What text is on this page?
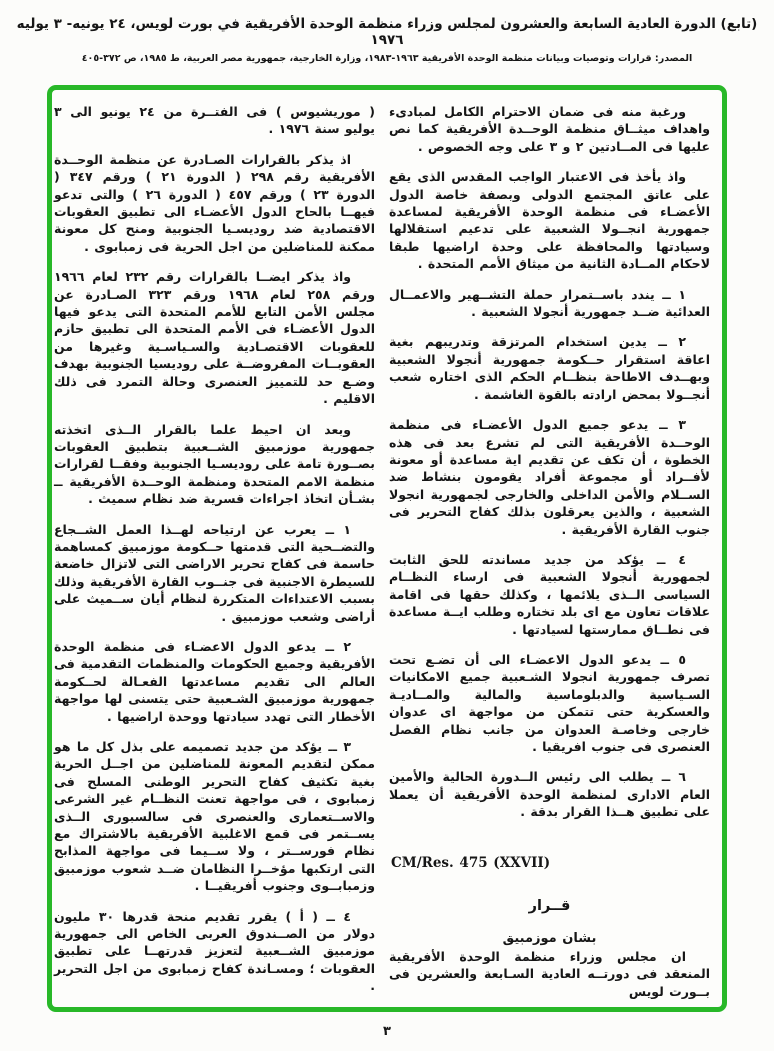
(تابع) الدورة العادية السابعة والعشرون لمجلس وزراء منظمة الوحدة الأفريقية في بورت لويس، ٢٤ يونيه- ٣ يوليه ١٩٧٦
المصدر: قرارات وتوصيات وبيانات منظمة الوحدة الأفريقية ١٩٦٣-١٩٨٣، وزارة الخارجية، جمهورية مصر العربية، ط ١٩٨٥، ص ٣٧٢-٤٠٥

ورغبة منه فى ضمان الاحترام الكامل لمبادىء واهداف ميثــاق منظمة الوحــدة الأفريقية كما نص عليها فى المــادتين ٢ و ٣ على وجه الخصوص .

واذ يأخذ فى الاعتبار الواجب المقدس الذى يقع على عاتق المجتمع الدولى وبصفة خاصة الدول الأعضـاء فى منظمة الوحدة الأفريقية لمساعدة جمهورية انجــولا الشعبية على تدعيم استقلالها وسيادتها والمحافظة على وحدة اراضيها طبقا لاحكام المــادة الثانية من ميثاق الأمم المتحدة .

١ ــ يندد باســتمرار حملة التشــهير والاعمــال العدائية ضــد جمهورية أنجولا الشعبية .

٢ ــ يدين استخدام المرتزقة وتدريبهم بغية اعاقة استقرار حــكومة جمهورية أنجولا الشعبية وبهــدف الاطاحة بنظــام الحكم الذى اختاره شعب أنجــولا بمحض ارادته بالقوة الغاشمة .

٣ ــ يدعو جميع الدول الأعضـاء فى منظمة الوحــدة الأفريقية التى لم تشرع بعد فى هذه الخطوة ، أن تكف عن تقديم اية مساعدة أو معونة لأفــراد أو مجموعة أفراد يقومون بنشاط ضد الســلام والأمن الداخلى والخارجى لجمهورية انجولا الشعبية ، والذين يعرقلون بذلك كفاح التحرير فى جنوب القارة الأفريقية .

٤ ــ يؤكد من جديد مساندته للحق الثابت لجمهورية أنجولا الشعبية فى ارساء النظــام السياسى الــذى يلائمها ، وكذلك حقها فى اقامة علاقات تعاون مع اى بلد تختاره وطلب ايــة مساعدة فى نطــاق ممارستها لسيادتها .

٥ ــ يدعو الدول الاعضـاء الى أن تضـع تحت تصرف جمهورية انجولا الشـعبية جميع الامكانيات السـياسية والدبلوماسية والمالية والمــاديـة والعسكرية حتى تتمكن من مواجهة اى عدوان خارجى وخاصـة العدوان من جانب نظام الفصل العنصرى فى جنوب افريقيا .

٦ ــ يطلب الى رئيس الــدورة الحالية والأمين العام الادارى لمنظمة الوحدة الأفريقية أن يعملا على تطبيق هــذا القرار بدقة .

CM/Res. 475 (XXVII)
قــرار
بشان موزمبيق

ان مجلس وزراء منظمة الوحدة الأفريقية المنعقد فى دورتــه العادية السـابعة والعشرين فى بــورت لويس

( موريشيوس ) فى الفتــرة من ٢٤ يونيو الى ٣ يوليو سنة ١٩٧٦ .

اذ يذكر بالقرارات الصـادرة عن منظمة الوحــدة الأفريقية رقم ٢٩٨ ( الدورة ٢١ ) ورقم ٣٤٧ ( الدورة ٢٣ ) ورقم ٤٥٧ ( الدورة ٢٦ ) والتى تدعو فيهــا بالحاح الدول الأعضـاء الى تطبيق العقوبات الاقتصادية ضد روديسـيا الجنوبية ومنح كل معونة ممكنة للمناضلين من اجل الحرية فى زمبابوى .

واذ يذكر ايضــا بالقرارات رقم ٢٣٢ لعام ١٩٦٦ ورقم ٢٥٨ لعام ١٩٦٨ ورقم ٣٢٣ الصـادرة عن مجلس الأمن التابع للأمم المتحدة التى يدعو فيها الدول الأعضـاء فى الأمم المتحدة الى تطبيق حازم للعقوبات الاقتصـادية والسـياسـية وغيرها من العقوبــات المفروضــة على روديسيا الجنوبية بهدف وضـع حد للتمييز العنصرى وحالة التمرد فى ذلك الاقليم .

وبعد ان احيط علما بالقرار الــذى اتخذته جمهورية موزمبيق الشــعبية بتطبيق العقوبات بصــورة تامة على روديسـيا الجنوبية وفقــا لقرارات منظمة الامم المتحدة ومنظمة الوحــدة الأفريقية ــ بشـأن اتخاذ اجراءات قسرية ضد نظام سميث .

١ ــ يعرب عن ارتياحه لهــذا العمل الشــجاع والتضــحية التى قدمتها حــكومة موزمبيق كمساهمة حاسمة فى كفاح تحرير الاراضى التى لاتزال خاضعة للسيطرة الاجنبية فى جنــوب القارة الأفريقية وذلك بسبب الاعتداءات المتكررة لنظام أيان ســميث على أراضى وشعب موزمبيق .

٢ ــ يدعو الدول الاعضـاء فى منظمة الوحدة الأفريقية وجميع الحكومات والمنظمات التقدمية فى العالم الى تقديم مساعدتها الفعـالة لحــكومة جمهورية موزمبيق الشـعبية حتى يتسنى لها مواجهة الأخطار التى تهدد سيادتها ووحدة اراضيها .

٣ ــ يؤكد من جديد تصميمه على بذل كل ما هو ممكن لتقديم المعونة للمناضلين من اجــل الحرية بغية تكثيف كفاح التحرير الوطنى المسلح فى زمبابوى ، فى مواجهة تعنت النظــام غير الشرعى والاســتعمارى والعنصرى فى سالسبورى الــذى يســتمر فى قمع الاغلبية الأفريقية بالاشتراك مع نظام فورســتر ، ولا ســيما فى مواجهة المذابح التى ارتكبها مؤخــرا النظامان ضــد شعوب موزمبيق وزمبابــوى وجنوب أفريقيــا .

٤ ــ ( أ ) يقرر تقديم منحة قدرها ٣٠ مليون دولار من الصــندوق العربى الخاص الى جمهورية موزمبيق الشــعبية لتعزيز قدرتهــا على تطبيق العقوبات ؛ ومسـاندة كفاح زمبابوى من اجل التحرير .

٣
